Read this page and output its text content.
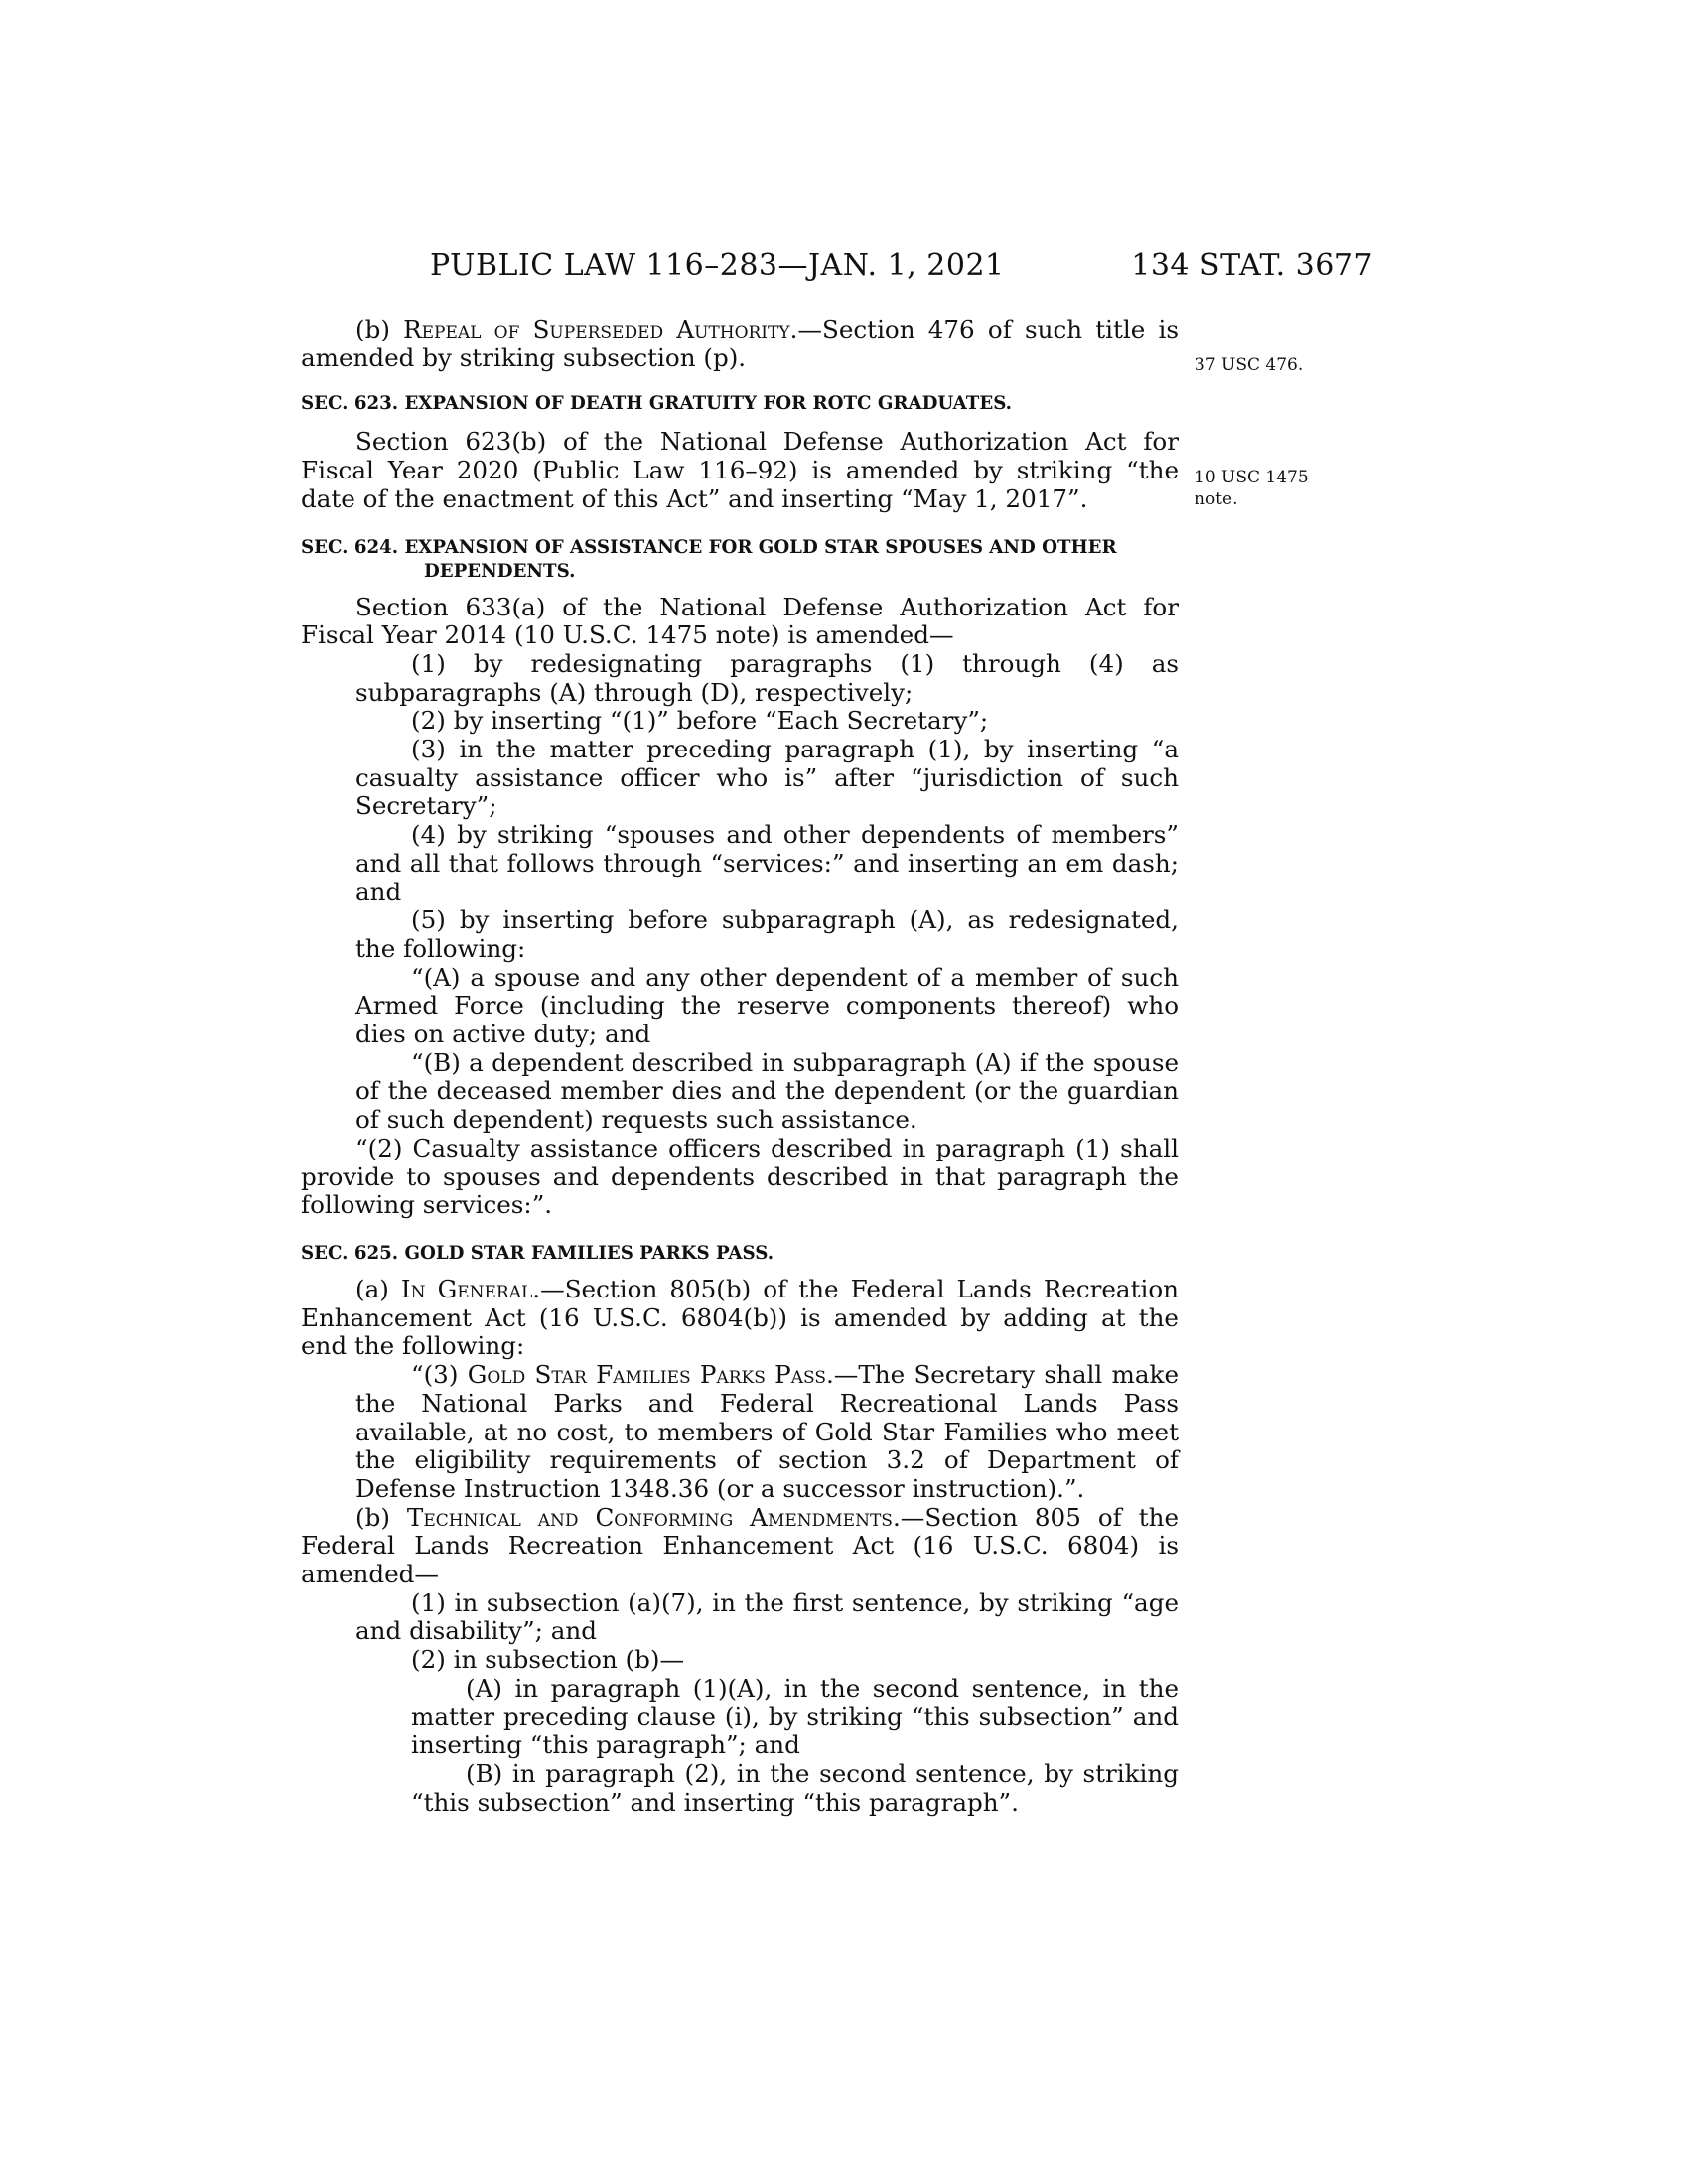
PUBLIC LAW 116–283—JAN. 1, 2021	134 STAT. 3677
37 USC 476.
10 USC 1475
note.

(b) Repeal of Superseded Authority.—Section 476 of such title is amended by striking subsection (p).

SEC. 623. EXPANSION OF DEATH GRATUITY FOR ROTC GRADUATES.

Section 623(b) of the National Defense Authorization Act for Fiscal Year 2020 (Public Law 116–92) is amended by striking “the date of the enactment of this Act” and inserting “May 1, 2017”.

SEC. 624. EXPANSION OF ASSISTANCE FOR GOLD STAR SPOUSES AND OTHER DEPENDENTS.

Section 633(a) of the National Defense Authorization Act for Fiscal Year 2014 (10 U.S.C. 1475 note) is amended—

(1) by redesignating paragraphs (1) through (4) as subparagraphs (A) through (D), respectively;

(2) by inserting “(1)” before “Each Secretary”;

(3) in the matter preceding paragraph (1), by inserting “a casualty assistance officer who is” after “jurisdiction of such Secretary”;

(4) by striking “spouses and other dependents of members” and all that follows through “services:” and inserting an em dash; and

(5) by inserting before subparagraph (A), as redesignated, the following:

“(A) a spouse and any other dependent of a member of such Armed Force (including the reserve components thereof) who dies on active duty; and

“(B) a dependent described in subparagraph (A) if the spouse of the deceased member dies and the dependent (or the guardian of such dependent) requests such assistance.

“(2) Casualty assistance officers described in paragraph (1) shall provide to spouses and dependents described in that paragraph the following services:”.

SEC. 625. GOLD STAR FAMILIES PARKS PASS.

(a) In General.—Section 805(b) of the Federal Lands Recreation Enhancement Act (16 U.S.C. 6804(b)) is amended by adding at the end the following:

“(3) Gold Star Families Parks Pass.—The Secretary shall make the National Parks and Federal Recreational Lands Pass available, at no cost, to members of Gold Star Families who meet the eligibility requirements of section 3.2 of Department of Defense Instruction 1348.36 (or a successor instruction).”.

(b) Technical and Conforming Amendments.—Section 805 of the Federal Lands Recreation Enhancement Act (16 U.S.C. 6804) is amended—

(1) in subsection (a)(7), in the first sentence, by striking “age and disability”; and

(2) in subsection (b)—

(A) in paragraph (1)(A), in the second sentence, in the matter preceding clause (i), by striking “this subsection” and inserting “this paragraph”; and

(B) in paragraph (2), in the second sentence, by striking “this subsection” and inserting “this paragraph”.
